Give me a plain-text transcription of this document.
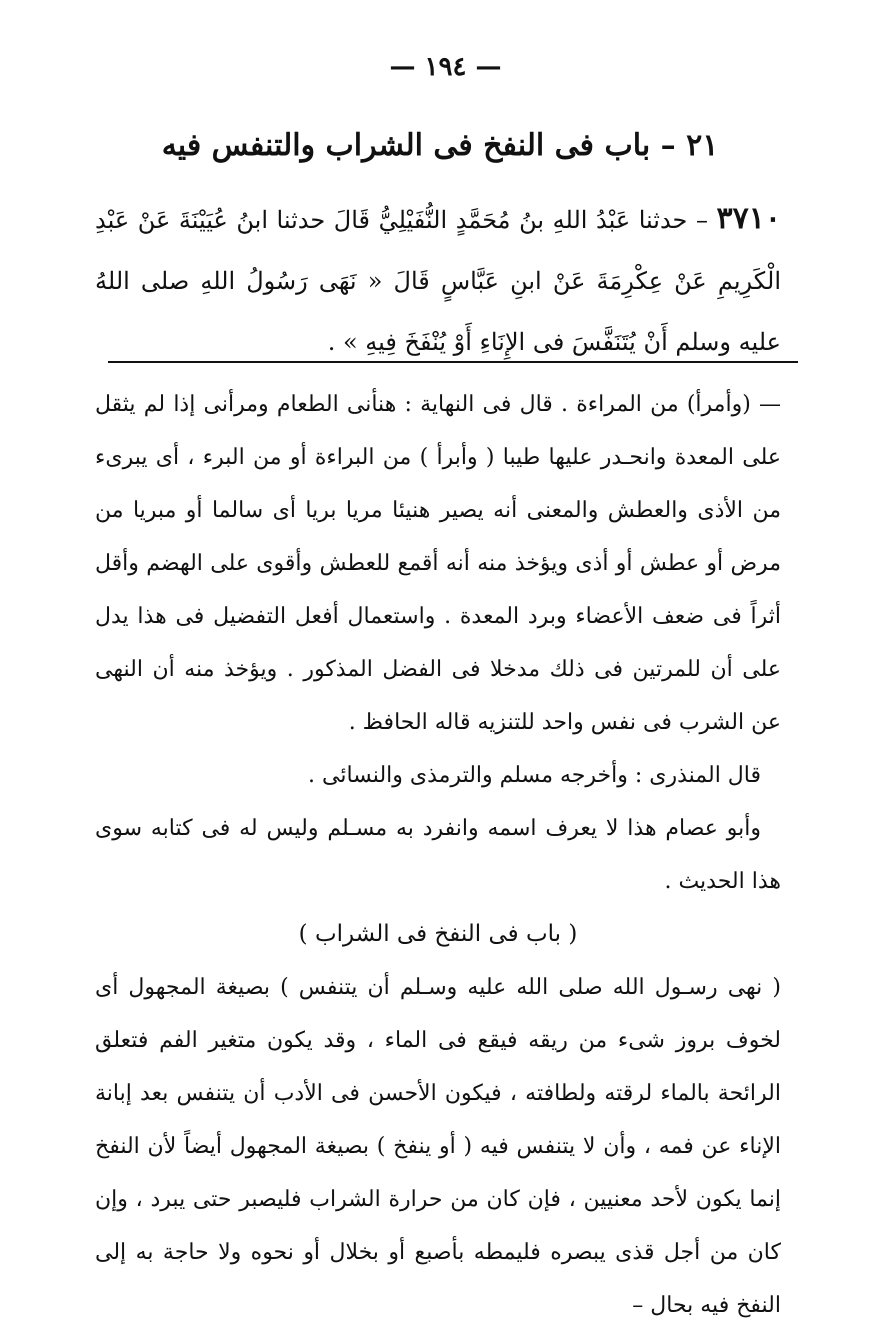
— ١٩٤ —
٢١ – باب فى النفخ فى الشراب والتنفس فيه
٣٧١٠ – حدثنا عَبْدُ اللهِ بنُ مُحَمَّدٍ النُّفَيْلِيُّ قَالَ حدثنا ابنُ عُيَيْنَةَ عَنْ عَبْدِ الْكَرِيمِ عَنْ عِكْرِمَةَ عَنْ ابنِ عَبَّاسٍ قَالَ « نَهَى رَسُولُ اللهِ صلى اللهُ عليه وسلم أَنْ يُتَنَفَّسَ فى الإِنَاءِ أَوْ يُنْفَخَ فِيهِ » .

— (وأمرأ) من المراءة . قال فى النهاية : هنأنى الطعام ومرأنى إذا لم يثقل على المعدة وانحـدر عليها طيبا ( وأبرأ ) من البراءة أو من البرء ، أى يبرىء من الأذى والعطش والمعنى أنه يصير هنيئا مريا بريا أى سالما أو مبريا من مرض أو عطش أو أذى ويؤخذ منه أنه أقمع للعطش وأقوى على الهضم وأقل أثراً فى ضعف الأعضاء وبرد المعدة . واستعمال أفعل التفضيل فى هذا يدل على أن للمرتين فى ذلك مدخلا فى الفضل المذكور . ويؤخذ منه أن النهى عن الشرب فى نفس واحد للتنزيه قاله الحافظ .

قال المنذرى : وأخرجه مسلم والترمذى والنسائى .

وأبو عصام هذا لا يعرف اسمه وانفرد به مسـلم وليس له فى كتابه سوى هذا الحديث .

( باب فى النفخ فى الشراب )

( نهى رسـول الله صلى الله عليه وسـلم أن يتنفس ) بصيغة المجهول أى لخوف بروز شىء من ريقه فيقع فى الماء ، وقد يكون متغير الفم فتعلق الرائحة بالماء لرقته ولطافته ، فيكون الأحسن فى الأدب أن يتنفس بعد إبانة الإناء عن فمه ، وأن لا يتنفس فيه ( أو ينفخ ) بصيغة المجهول أيضاً لأن النفخ إنما يكون لأحد معنيين ، فإن كان من حرارة الشراب فليصبر حتى يبرد ، وإن كان من أجل قذى يبصره فليمطه بأصبع أو بخلال أو نحوه ولا حاجة به إلى النفخ فيه بحال –
